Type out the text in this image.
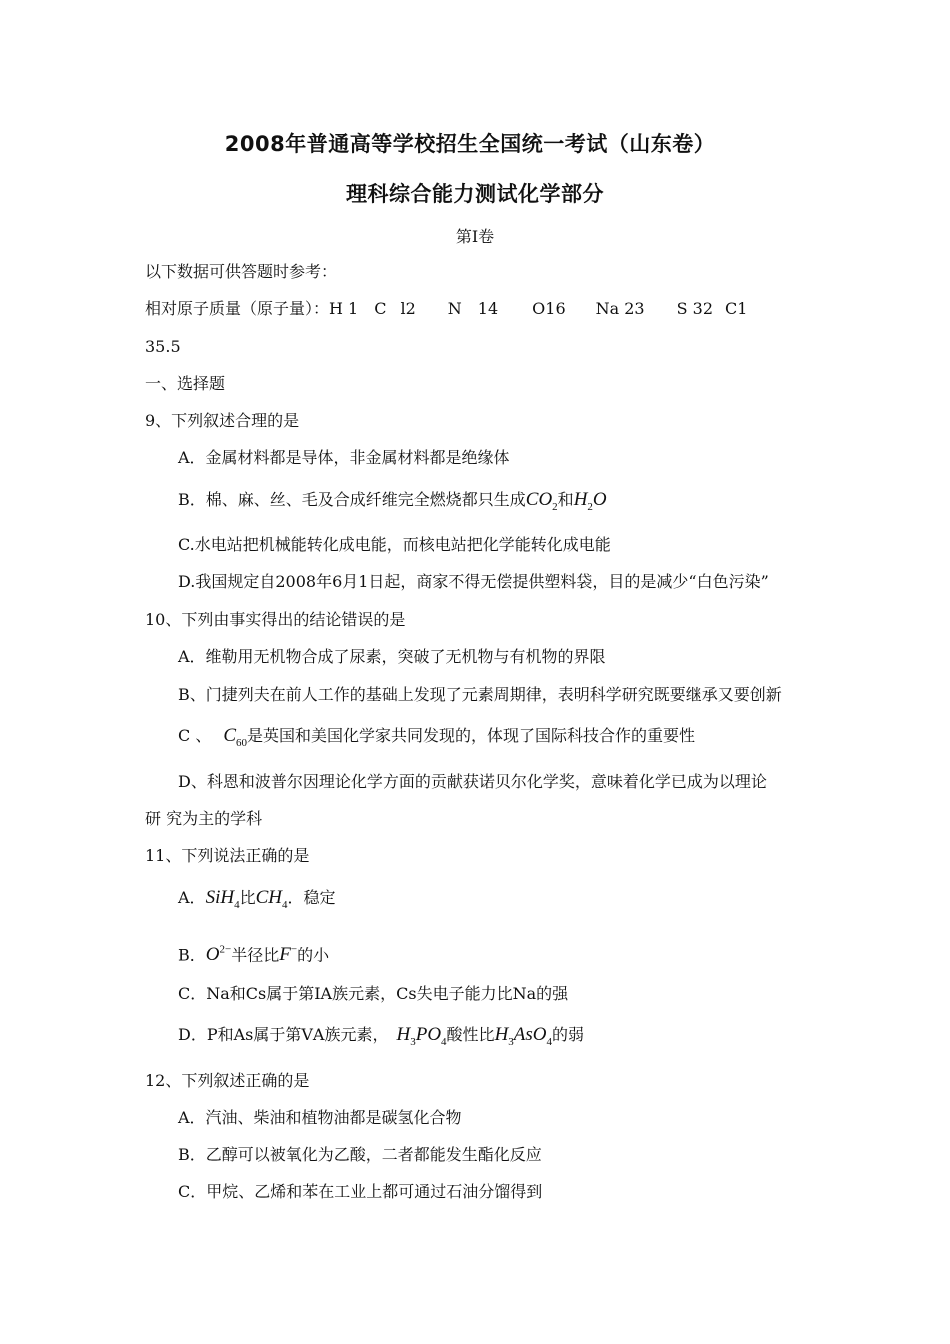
2008年普通高等学校招生全国统一考试（山东卷）
理科综合能力测试化学部分
第Ⅰ卷
以下数据可供答题时参考：
相对原子质量（原子量）：H 1 C l2 N 14 O16 Na 23 S 32 C1
35.5
一、选择题
9、下列叙述合理的是
A．金属材料都是导体，非金属材料都是绝缘体
B．棉、麻、丝、毛及合成纤维完全燃烧都只生成$CO_2$和$H_2O$
C.水电站把机械能转化成电能，而核电站把化学能转化成电能
D.我国规定自2008年6月1日起，商家不得无偿提供塑料袋，目的是减少“白色污染”
10、下列由事实得出的结论错误的是
A．维勒用无机物合成了尿素，突破了无机物与有机物的界限
B、门捷列夫在前人工作的基础上发现了元素周期律，表明科学研究既要继承又要创新
C 、 $C_{60}$是英国和美国化学家共同发现的，体现了国际科技合作的重要性
D、科恩和波普尔因理论化学方面的贡献获诺贝尔化学奖，意味着化学已成为以理论
研 究为主的学科
11、下列说法正确的是
A．SiH$_4$比$CH_4$．稳定
B．$O^{2-}$半径比F−的小
C．Na和Cs属于第ⅠA族元素，Cs失电子能力比Na的强
D．P和As属于第ⅤA族元素， $H_3PO_4$酸性比$H_3AsO_4$的弱
12、下列叙述正确的是
A．汽油、柴油和植物油都是碳氢化合物
B．乙醇可以被氧化为乙酸，二者都能发生酯化反应
C．甲烷、乙烯和苯在工业上都可通过石油分馏得到
